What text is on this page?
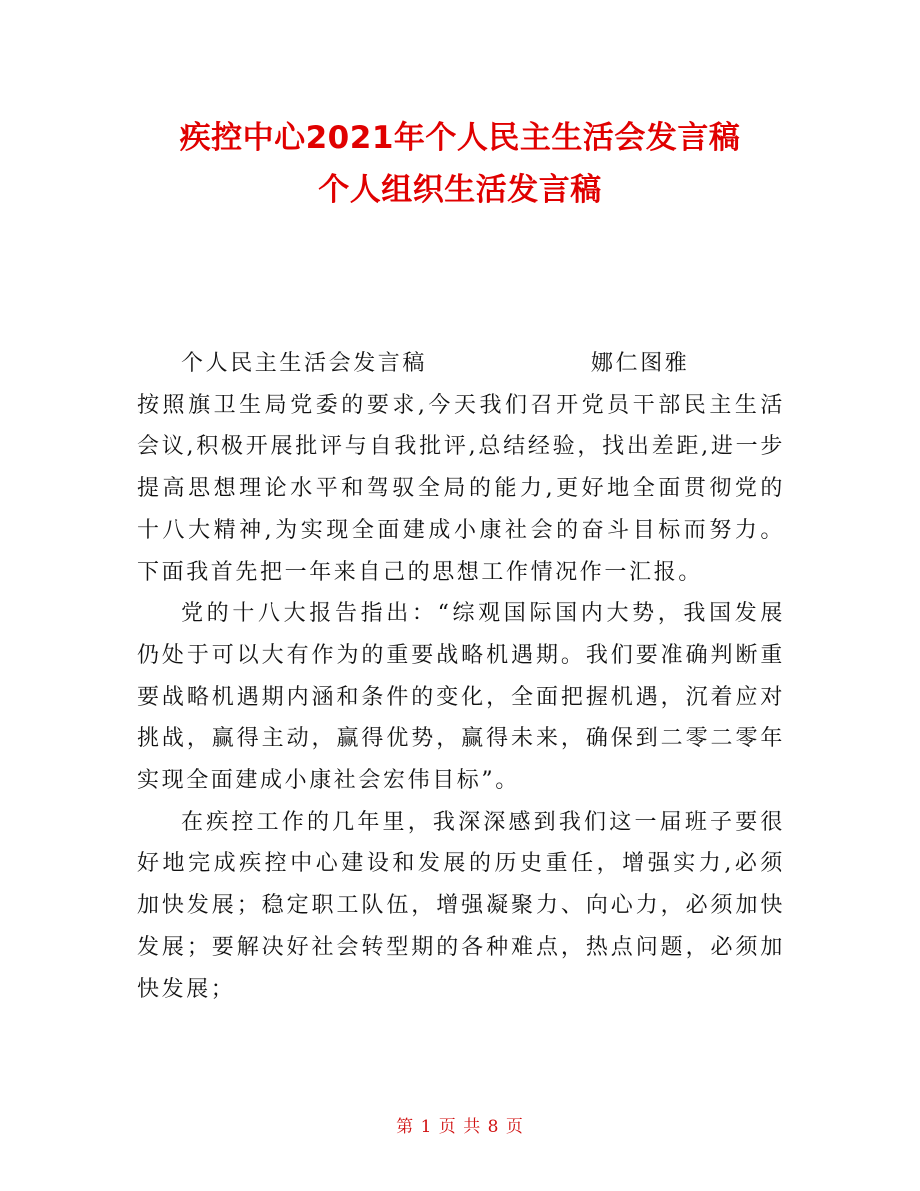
疾控中心2021年个人民主生活会发言稿
个人组织生活发言稿
个人民主生活会发言稿	娜仁图雅

按照旗卫生局党委的要求,今天我们召开党员干部民主生活会议,积极开展批评与自我批评,总结经验，找出差距,进一步提高思想理论水平和驾驭全局的能力,更好地全面贯彻党的十八大精神,为实现全面建成小康社会的奋斗目标而努力。下面我首先把一年来自己的思想工作情况作一汇报。

党的十八大报告指出：“综观国际国内大势，我国发展仍处于可以大有作为的重要战略机遇期。我们要准确判断重要战略机遇期内涵和条件的变化，全面把握机遇，沉着应对挑战，赢得主动，赢得优势，赢得未来，确保到二零二零年实现全面建成小康社会宏伟目标”。

在疾控工作的几年里，我深深感到我们这一届班子要很好地完成疾控中心建设和发展的历史重任，增强实力,必须加快发展；稳定职工队伍，增强凝聚力、向心力，必须加快发展；要解决好社会转型期的各种难点，热点问题，必须加快发展；

第 1 页 共 8 页
